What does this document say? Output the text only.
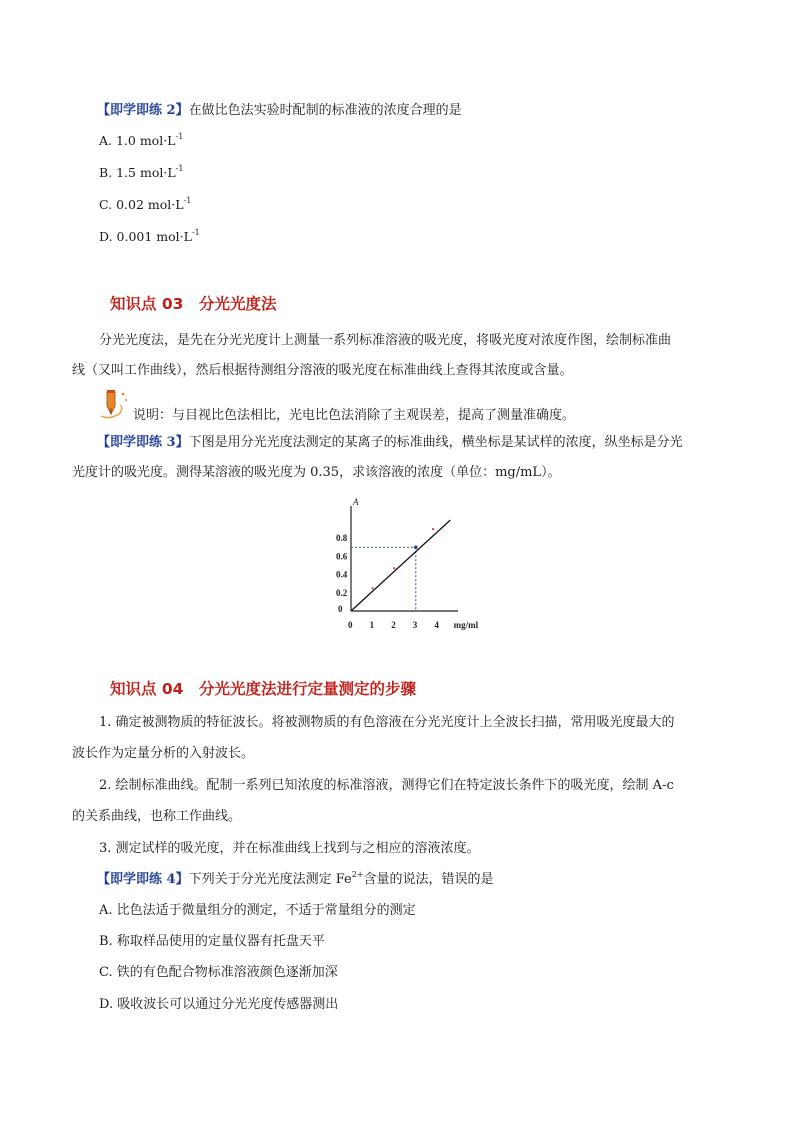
【即学即练 2】在做比色法实验时配制的标准液的浓度合理的是
A. 1.0 $mol\cdot L^{-1}$
B. 1.5 $mol\cdot L^{-1}$
C. 0.02 $mol\cdot L^{-1}$
D. 0.001 $mol\cdot L^{-1}$
知识点 03　分光光度法
分光光度法，是先在分光光度计上测量一系列标准溶液的吸光度，将吸光度对浓度作图，绘制标准曲
线（又叫工作曲线），然后根据待测组分溶液的吸光度在标准曲线上查得其浓度或含量。
说明：与目视比色法相比，光电比色法消除了主观误差，提高了测量准确度。
【即学即练 3】下图是用分光光度法测定的某离子的标准曲线，横坐标是某试样的浓度，纵坐标是分光
光度计的吸光度。测得某溶液的吸光度为 0.35，求该溶液的浓度（单位：mg/mL）。
A
mg/ml
0.2
0.4
0.6
0.8
0
0 1 2 3 4
知识点 04　分光光度法进行定量测定的步骤
1. 确定被测物质的特征波长。将被测物质的有色溶液在分光光度计上全波长扫描，常用吸光度最大的
波长作为定量分析的入射波长。
2. 绘制标准曲线。配制一系列已知浓度的标准溶液，测得它们在特定波长条件下的吸光度，绘制 A-c
的关系曲线，也称工作曲线。
3. 测定试样的吸光度，并在标准曲线上找到与之相应的溶液浓度。
【即学即练 4】下列关于分光光度法测定 $Fe^{2+}$含量的说法，错误的是
A. 比色法适于微量组分的测定，不适于常量组分的测定
B. 称取样品使用的定量仪器有托盘天平
C. 铁的有色配合物标准溶液颜色逐渐加深
D. 吸收波长可以通过分光光度传感器测出
